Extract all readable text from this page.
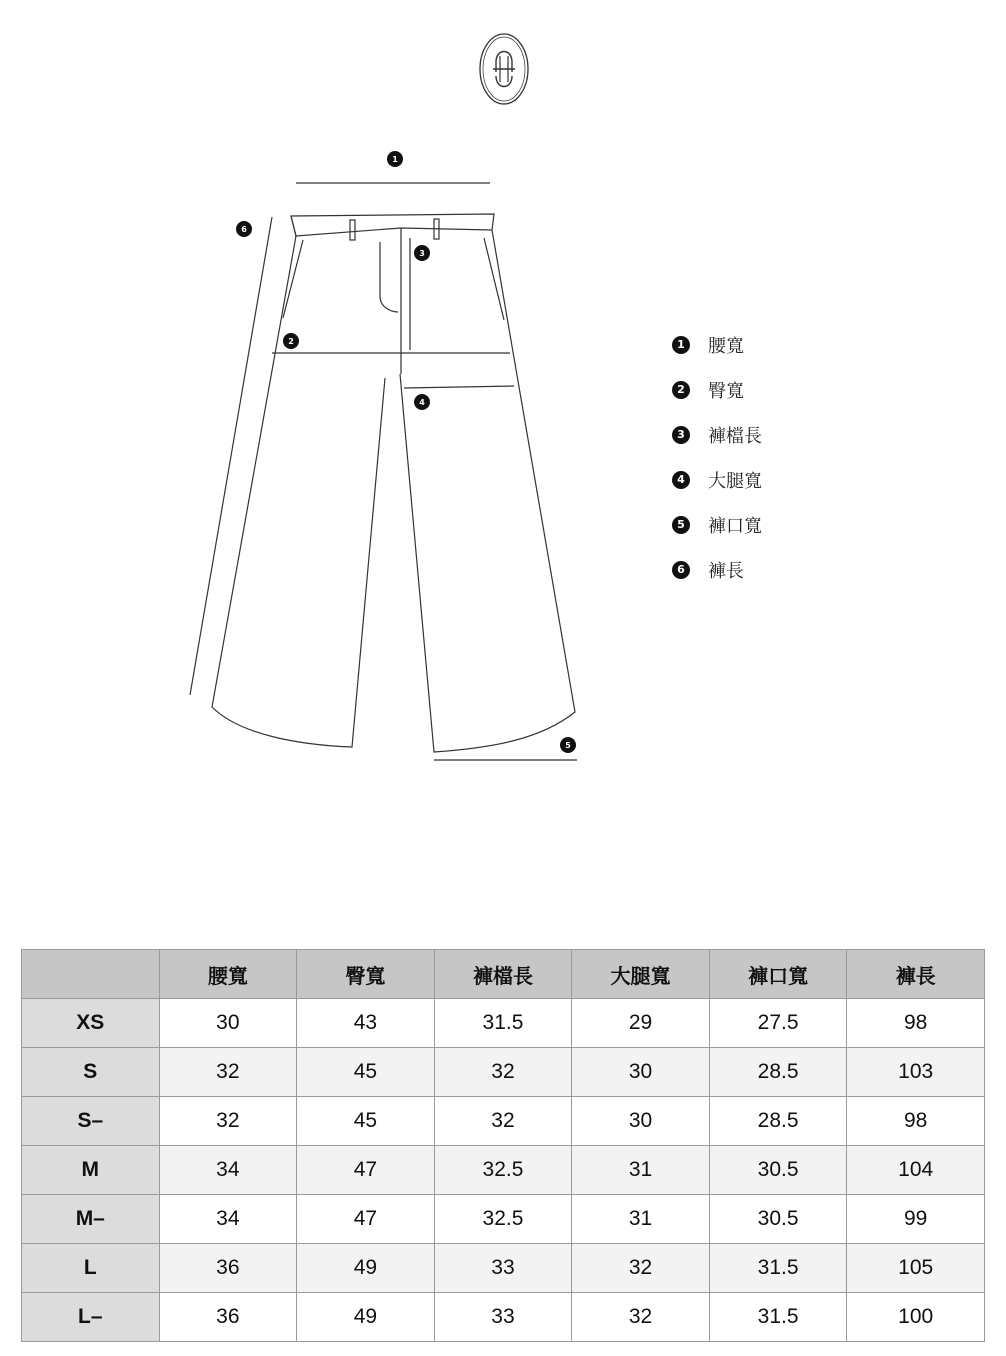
1
6
3
2
4
5
1 腰寬
2 臀寬
3 褲檔長
4 大腿寬
5 褲口寬
6 褲長
	腰寬	臀寬	褲檔長	大腿寬	褲口寬	褲長
XS	30	43	31.5	29	27.5	98
S	32	45	32	30	28.5	103
S–	32	45	32	30	28.5	98
M	34	47	32.5	31	30.5	104
M–	34	47	32.5	31	30.5	99
L	36	49	33	32	31.5	105
L–	36	49	33	32	31.5	100
